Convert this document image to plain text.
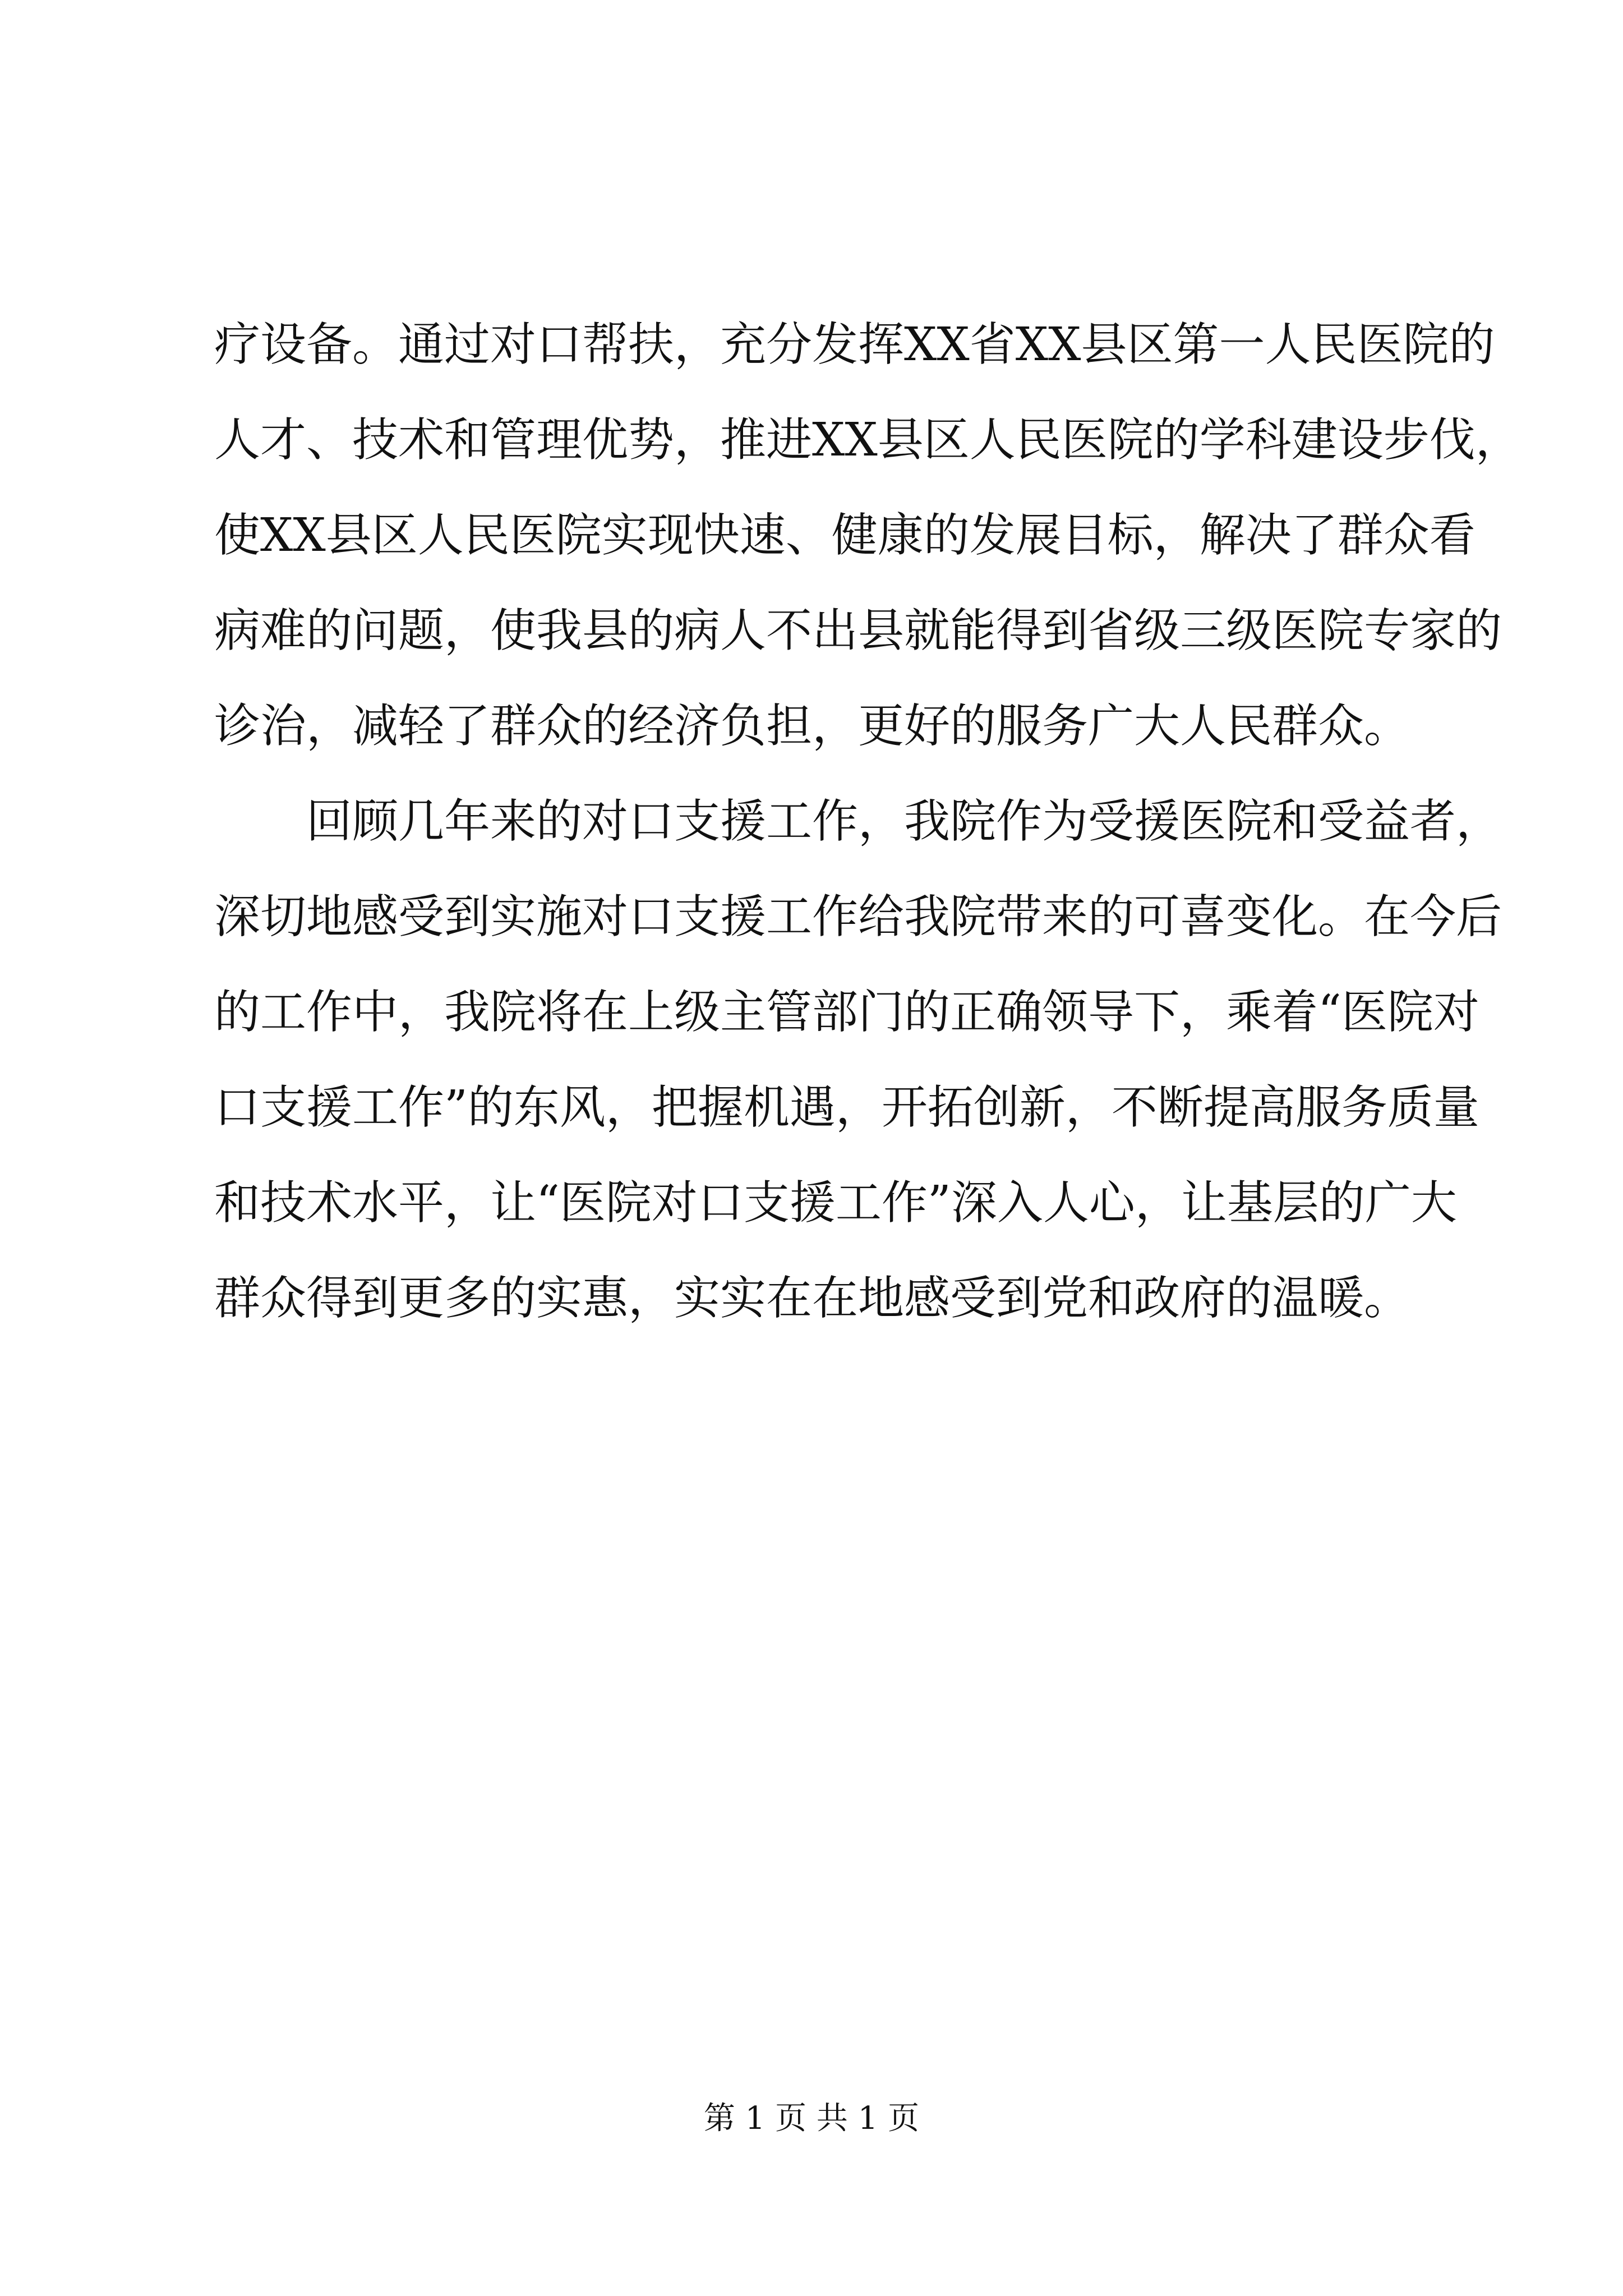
疗设备。通过对口帮扶，充分发挥XX省XX县区第一人民医院的
人才、技术和管理优势，推进XX县区人民医院的学科建设步伐，
使XX县区人民医院实现快速、健康的发展目标，解决了群众看
病难的问题，使我县的病人不出县就能得到省级三级医院专家的
诊治，减轻了群众的经济负担，更好的服务广大人民群众。
回顾几年来的对口支援工作，我院作为受援医院和受益者，
深切地感受到实施对口支援工作给我院带来的可喜变化。在今后
的工作中，我院将在上级主管部门的正确领导下，乘着“医院对
口支援工作”的东风，把握机遇，开拓创新，不断提高服务质量
和技术水平，让“医院对口支援工作”深入人心，让基层的广大
群众得到更多的实惠，实实在在地感受到党和政府的温暖。
第 1 页 共 1 页
